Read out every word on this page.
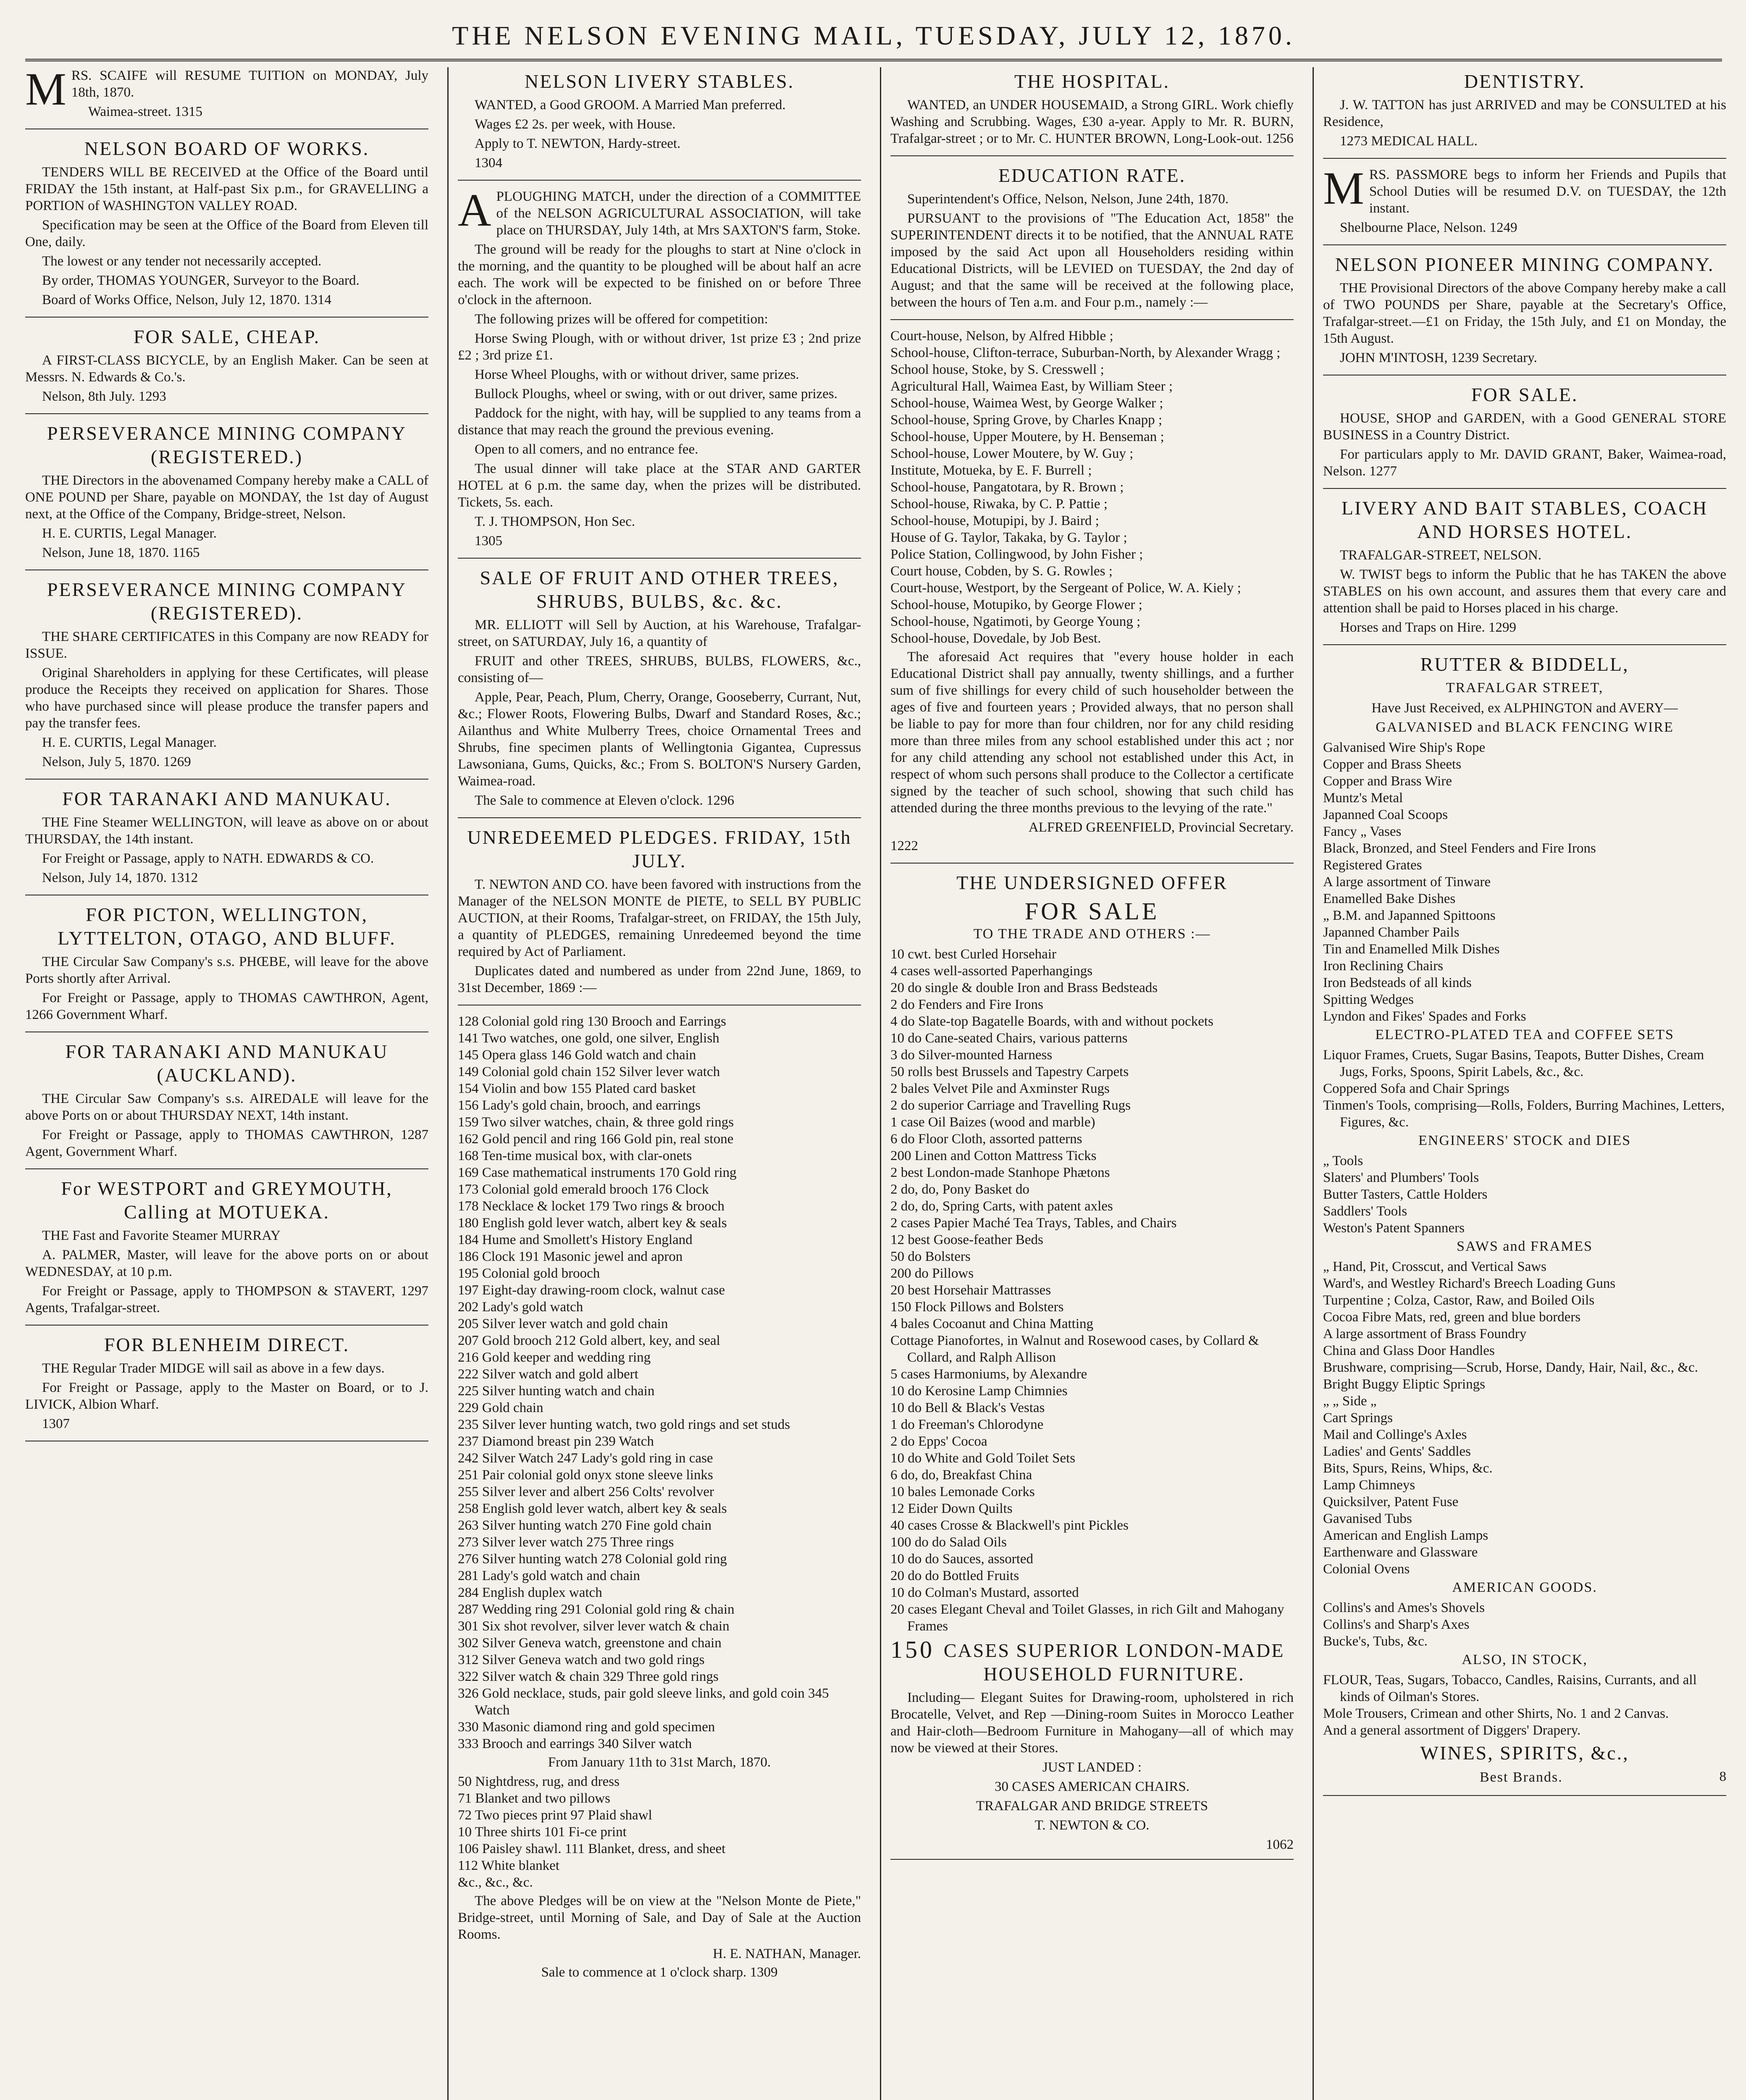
THE NELSON EVENING MAIL, TUESDAY, JULY 12, 1870.

MRS. SCAIFE will RESUME TUITION on MONDAY, July 18th, 1870.

Waimea-street. 1315

NELSON BOARD OF WORKS.

TENDERS WILL BE RECEIVED at the Office of the Board until FRIDAY the 15th instant, at Half-past Six p.m., for GRAVELLING a PORTION of WASHINGTON VALLEY ROAD.

Specification may be seen at the Office of the Board from Eleven till One, daily.

The lowest or any tender not necessarily accepted.

By order, THOMAS YOUNGER, Surveyor to the Board.

Board of Works Office, Nelson, July 12, 1870. 1314

FOR SALE, CHEAP.

A FIRST-CLASS BICYCLE, by an English Maker. Can be seen at Messrs. N. Edwards & Co.'s.

Nelson, 8th July. 1293

PERSEVERANCE MINING COMPANY (REGISTERED.)

THE Directors in the abovenamed Company hereby make a CALL of ONE POUND per Share, payable on MONDAY, the 1st day of August next, at the Office of the Company, Bridge-street, Nelson.

H. E. CURTIS, Legal Manager.

Nelson, June 18, 1870. 1165

PERSEVERANCE MINING COMPANY (REGISTERED).

THE SHARE CERTIFICATES in this Company are now READY for ISSUE.

Original Shareholders in applying for these Certificates, will please produce the Receipts they received on application for Shares. Those who have purchased since will please produce the transfer papers and pay the transfer fees.

H. E. CURTIS, Legal Manager.

Nelson, July 5, 1870. 1269

FOR TARANAKI AND MANUKAU.

THE Fine Steamer WELLINGTON, will leave as above on or about THURSDAY, the 14th instant.

For Freight or Passage, apply to NATH. EDWARDS & CO.

Nelson, July 14, 1870. 1312

FOR PICTON, WELLINGTON, LYTTELTON, OTAGO, AND BLUFF.

THE Circular Saw Company's s.s. PHŒBE, will leave for the above Ports shortly after Arrival.

For Freight or Passage, apply to THOMAS CAWTHRON, Agent, 1266 Government Wharf.

FOR TARANAKI AND MANUKAU (AUCKLAND).

THE Circular Saw Company's s.s. AIREDALE will leave for the above Ports on or about THURSDAY NEXT, 14th instant.

For Freight or Passage, apply to THOMAS CAWTHRON, 1287 Agent, Government Wharf.

For WESTPORT and GREYMOUTH, Calling at MOTUEKA.

THE Fast and Favorite Steamer MURRAY

A. PALMER, Master, will leave for the above ports on or about WEDNESDAY, at 10 p.m.

For Freight or Passage, apply to THOMPSON & STAVERT, 1297 Agents, Trafalgar-street.

FOR BLENHEIM DIRECT.

THE Regular Trader MIDGE will sail as above in a few days.

For Freight or Passage, apply to the Master on Board, or to J. LIVICK, Albion Wharf.

1307

NELSON LIVERY STABLES.

WANTED, a Good GROOM. A Married Man preferred.

Wages £2 2s. per week, with House.

Apply to T. NEWTON, Hardy-street.

1304

APLOUGHING MATCH, under the direction of a COMMITTEE of the NELSON AGRICULTURAL ASSOCIATION, will take place on THURSDAY, July 14th, at Mrs SAXTON'S farm, Stoke.

The ground will be ready for the ploughs to start at Nine o'clock in the morning, and the quantity to be ploughed will be about half an acre each. The work will be expected to be finished on or before Three o'clock in the afternoon.

The following prizes will be offered for competition:

Horse Swing Plough, with or without driver, 1st prize £3 ; 2nd prize £2 ; 3rd prize £1.

Horse Wheel Ploughs, with or without driver, same prizes.

Bullock Ploughs, wheel or swing, with or out driver, same prizes.

Paddock for the night, with hay, will be supplied to any teams from a distance that may reach the ground the previous evening.

Open to all comers, and no entrance fee.

The usual dinner will take place at the STAR AND GARTER HOTEL at 6 p.m. the same day, when the prizes will be distributed. Tickets, 5s. each.

T. J. THOMPSON, Hon Sec.

1305

SALE OF FRUIT AND OTHER TREES, SHRUBS, BULBS, &c. &c.

MR. ELLIOTT will Sell by Auction, at his Warehouse, Trafalgar-street, on SATURDAY, July 16, a quantity of

FRUIT and other TREES, SHRUBS, BULBS, FLOWERS, &c., consisting of—

Apple, Pear, Peach, Plum, Cherry, Orange, Gooseberry, Currant, Nut, &c.; Flower Roots, Flowering Bulbs, Dwarf and Standard Roses, &c.; Ailanthus and White Mulberry Trees, choice Ornamental Trees and Shrubs, fine specimen plants of Wellingtonia Gigantea, Cupressus Lawsoniana, Gums, Quicks, &c.; From S. BOLTON'S Nursery Garden, Waimea-road.

The Sale to commence at Eleven o'clock. 1296

UNREDEEMED PLEDGES. FRIDAY, 15th JULY.

T. NEWTON AND CO. have been favored with instructions from the Manager of the NELSON MONTE de PIETE, to SELL BY PUBLIC AUCTION, at their Rooms, Trafalgar-street, on FRIDAY, the 15th July, a quantity of PLEDGES, remaining Unredeemed beyond the time required by Act of Parliament.

Duplicates dated and numbered as under from 22nd June, 1869, to 31st December, 1869 :—

128 Colonial gold ring 130 Brooch and Earrings
141 Two watches, one gold, one silver, English
145 Opera glass 146 Gold watch and chain
149 Colonial gold chain 152 Silver lever watch
154 Violin and bow 155 Plated card basket
156 Lady's gold chain, brooch, and earrings
159 Two silver watches, chain, & three gold rings
162 Gold pencil and ring 166 Gold pin, real stone
168 Ten-time musical box, with clar-onets
169 Case mathematical instruments 170 Gold ring
173 Colonial gold emerald brooch 176 Clock
178 Necklace & locket 179 Two rings & brooch
180 English gold lever watch, albert key & seals
184 Hume and Smollett's History England
186 Clock 191 Masonic jewel and apron
195 Colonial gold brooch
197 Eight-day drawing-room clock, walnut case
202 Lady's gold watch
205 Silver lever watch and gold chain
207 Gold brooch 212 Gold albert, key, and seal
216 Gold keeper and wedding ring
222 Silver watch and gold albert
225 Silver hunting watch and chain
229 Gold chain
235 Silver lever hunting watch, two gold rings and set studs
237 Diamond breast pin 239 Watch
242 Silver Watch 247 Lady's gold ring in case
251 Pair colonial gold onyx stone sleeve links
255 Silver lever and albert 256 Colts' revolver
258 English gold lever watch, albert key & seals
263 Silver hunting watch 270 Fine gold chain
273 Silver lever watch 275 Three rings
276 Silver hunting watch 278 Colonial gold ring
281 Lady's gold watch and chain
284 English duplex watch
287 Wedding ring 291 Colonial gold ring & chain
301 Six shot revolver, silver lever watch & chain
302 Silver Geneva watch, greenstone and chain
312 Silver Geneva watch and two gold rings
322 Silver watch & chain 329 Three gold rings
326 Gold necklace, studs, pair gold sleeve links, and gold coin 345 Watch
330 Masonic diamond ring and gold specimen
333 Brooch and earrings 340 Silver watch

From January 11th to 31st March, 1870.

50 Nightdress, rug, and dress
71 Blanket and two pillows
72 Two pieces print 97 Plaid shawl
10 Three shirts 101 Fi-ce print
106 Paisley shawl. 111 Blanket, dress, and sheet
112 White blanket
&c., &c., &c.

The above Pledges will be on view at the "Nelson Monte de Piete," Bridge-street, until Morning of Sale, and Day of Sale at the Auction Rooms.

H. E. NATHAN, Manager.

Sale to commence at 1 o'clock sharp. 1309

THE HOSPITAL.

WANTED, an UNDER HOUSEMAID, a Strong GIRL. Work chiefly Washing and Scrubbing. Wages, £30 a-year. Apply to Mr. R. BURN, Trafalgar-street ; or to Mr. C. HUNTER BROWN, Long-Look-out. 1256

EDUCATION RATE.

Superintendent's Office, Nelson, Nelson, June 24th, 1870.

PURSUANT to the provisions of "The Education Act, 1858" the SUPERINTENDENT directs it to be notified, that the ANNUAL RATE imposed by the said Act upon all Householders residing within Educational Districts, will be LEVIED on TUESDAY, the 2nd day of August; and that the same will be received at the following place, between the hours of Ten a.m. and Four p.m., namely :—

Court-house, Nelson, by Alfred Hibble ;
School-house, Clifton-terrace, Suburban-North, by Alexander Wragg ;
School house, Stoke, by S. Cresswell ;
Agricultural Hall, Waimea East, by William Steer ;
School-house, Waimea West, by George Walker ;
School-house, Spring Grove, by Charles Knapp ;
School-house, Upper Moutere, by H. Benseman ;
School-house, Lower Moutere, by W. Guy ;
Institute, Motueka, by E. F. Burrell ;
School-house, Pangatotara, by R. Brown ;
School-house, Riwaka, by C. P. Pattie ;
School-house, Motupipi, by J. Baird ;
House of G. Taylor, Takaka, by G. Taylor ;
Police Station, Collingwood, by John Fisher ;
Court house, Cobden, by S. G. Rowles ;
Court-house, Westport, by the Sergeant of Police, W. A. Kiely ;
School-house, Motupiko, by George Flower ;
School-house, Ngatimoti, by George Young ;
School-house, Dovedale, by Job Best.

The aforesaid Act requires that "every house holder in each Educational District shall pay annually, twenty shillings, and a further sum of five shillings for every child of such householder between the ages of five and fourteen years ; Provided always, that no person shall be liable to pay for more than four children, nor for any child residing more than three miles from any school established under this act ; nor for any child attending any school not established under this Act, in respect of whom such persons shall produce to the Collector a certificate signed by the teacher of such school, showing that such child has attended during the three months previous to the levying of the rate."

ALFRED GREENFIELD, Provincial Secretary.

1222

THE UNDERSIGNED OFFER
FOR SALE
TO THE TRADE AND OTHERS :—
10 cwt. best Curled Horsehair
4 cases well-assorted Paperhangings
20 do single & double Iron and Brass Bedsteads
2 do Fenders and Fire Irons
4 do Slate-top Bagatelle Boards, with and without pockets
10 do Cane-seated Chairs, various patterns
3 do Silver-mounted Harness
50 rolls best Brussels and Tapestry Carpets
2 bales Velvet Pile and Axminster Rugs
2 do superior Carriage and Travelling Rugs
1 case Oil Baizes (wood and marble)
6 do Floor Cloth, assorted patterns
200 Linen and Cotton Mattress Ticks
2 best London-made Stanhope Phætons
2 do, do, Pony Basket do
2 do, do, Spring Carts, with patent axles
2 cases Papier Maché Tea Trays, Tables, and Chairs
12 best Goose-feather Beds
50 do Bolsters
200 do Pillows
20 best Horsehair Mattrasses
150 Flock Pillows and Bolsters
4 bales Cocoanut and China Matting
Cottage Pianofortes, in Walnut and Rosewood cases, by Collard & Collard, and Ralph Allison
5 cases Harmoniums, by Alexandre
10 do Kerosine Lamp Chimnies
10 do Bell & Black's Vestas
1 do Freeman's Chlorodyne
2 do Epps' Cocoa
10 do White and Gold Toilet Sets
6 do, do, Breakfast China
10 bales Lemonade Corks
12 Eider Down Quilts
40 cases Crosse & Blackwell's pint Pickles
100 do do Salad Oils
10 do do Sauces, assorted
20 do do Bottled Fruits
10 do Colman's Mustard, assorted
20 cases Elegant Cheval and Toilet Glasses, in rich Gilt and Mahogany Frames
150 CASES SUPERIOR LONDON-MADE HOUSEHOLD FURNITURE.

Including— Elegant Suites for Drawing-room, upholstered in rich Brocatelle, Velvet, and Rep —Dining-room Suites in Morocco Leather and Hair-cloth—Bedroom Furniture in Mahogany—all of which may now be viewed at their Stores.

JUST LANDED :

30 CASES AMERICAN CHAIRS.

TRAFALGAR AND BRIDGE STREETS

T. NEWTON & CO.

1062

DENTISTRY.

J. W. TATTON has just ARRIVED and may be CONSULTED at his Residence,

1273 MEDICAL HALL.

MRS. PASSMORE begs to inform her Friends and Pupils that School Duties will be resumed D.V. on TUESDAY, the 12th instant.

Shelbourne Place, Nelson. 1249

NELSON PIONEER MINING COMPANY.

THE Provisional Directors of the above Company hereby make a call of TWO POUNDS per Share, payable at the Secretary's Office, Trafalgar-street.—£1 on Friday, the 15th July, and £1 on Monday, the 15th August.

JOHN M'INTOSH, 1239 Secretary.

FOR SALE.

HOUSE, SHOP and GARDEN, with a Good GENERAL STORE BUSINESS in a Country District.

For particulars apply to Mr. DAVID GRANT, Baker, Waimea-road, Nelson. 1277

LIVERY AND BAIT STABLES, COACH AND HORSES HOTEL.

TRAFALGAR-STREET, NELSON.

W. TWIST begs to inform the Public that he has TAKEN the above STABLES on his own account, and assures them that every care and attention shall be paid to Horses placed in his charge.

Horses and Traps on Hire. 1299

RUTTER & BIDDELL,
TRAFALGAR STREET,

Have Just Received, ex ALPHINGTON and AVERY—

GALVANISED and BLACK FENCING WIRE
Galvanised Wire Ship's Rope
Copper and Brass Sheets
Copper and Brass Wire
Muntz's Metal
Japanned Coal Scoops
Fancy „ Vases
Black, Bronzed, and Steel Fenders and Fire Irons
Registered Grates
A large assortment of Tinware
Enamelled Bake Dishes
„ B.M. and Japanned Spittoons
Japanned Chamber Pails
Tin and Enamelled Milk Dishes
Iron Reclining Chairs
Iron Bedsteads of all kinds
Spitting Wedges
Lyndon and Fikes' Spades and Forks
ELECTRO-PLATED TEA and COFFEE SETS
Liquor Frames, Cruets, Sugar Basins, Teapots, Butter Dishes, Cream Jugs, Forks, Spoons, Spirit Labels, &c., &c.
Coppered Sofa and Chair Springs
Tinmen's Tools, comprising—Rolls, Folders, Burring Machines, Letters, Figures, &c.
ENGINEERS' STOCK and DIES
„ Tools
Slaters' and Plumbers' Tools
Butter Tasters, Cattle Holders
Saddlers' Tools
Weston's Patent Spanners
SAWS and FRAMES
„ Hand, Pit, Crosscut, and Vertical Saws
Ward's, and Westley Richard's Breech Loading Guns
Turpentine ; Colza, Castor, Raw, and Boiled Oils
Cocoa Fibre Mats, red, green and blue borders
A large assortment of Brass Foundry
China and Glass Door Handles
Brushware, comprising—Scrub, Horse, Dandy, Hair, Nail, &c., &c.
Bright Buggy Eliptic Springs
„ „ Side „
Cart Springs
Mail and Collinge's Axles
Ladies' and Gents' Saddles
Bits, Spurs, Reins, Whips, &c.
Lamp Chimneys
Quicksilver, Patent Fuse
Gavanised Tubs
American and English Lamps
Earthenware and Glassware
Colonial Ovens
AMERICAN GOODS.
Collins's and Ames's Shovels
Collins's and Sharp's Axes
Bucke's, Tubs, &c.
ALSO, IN STOCK,
FLOUR, Teas, Sugars, Tobacco, Candles, Raisins, Currants, and all kinds of Oilman's Stores.
Mole Trousers, Crimean and other Shirts, No. 1 and 2 Canvas.
And a general assortment of Diggers' Drapery.
WINES, SPIRITS, &c.,
Best Brands.	8
